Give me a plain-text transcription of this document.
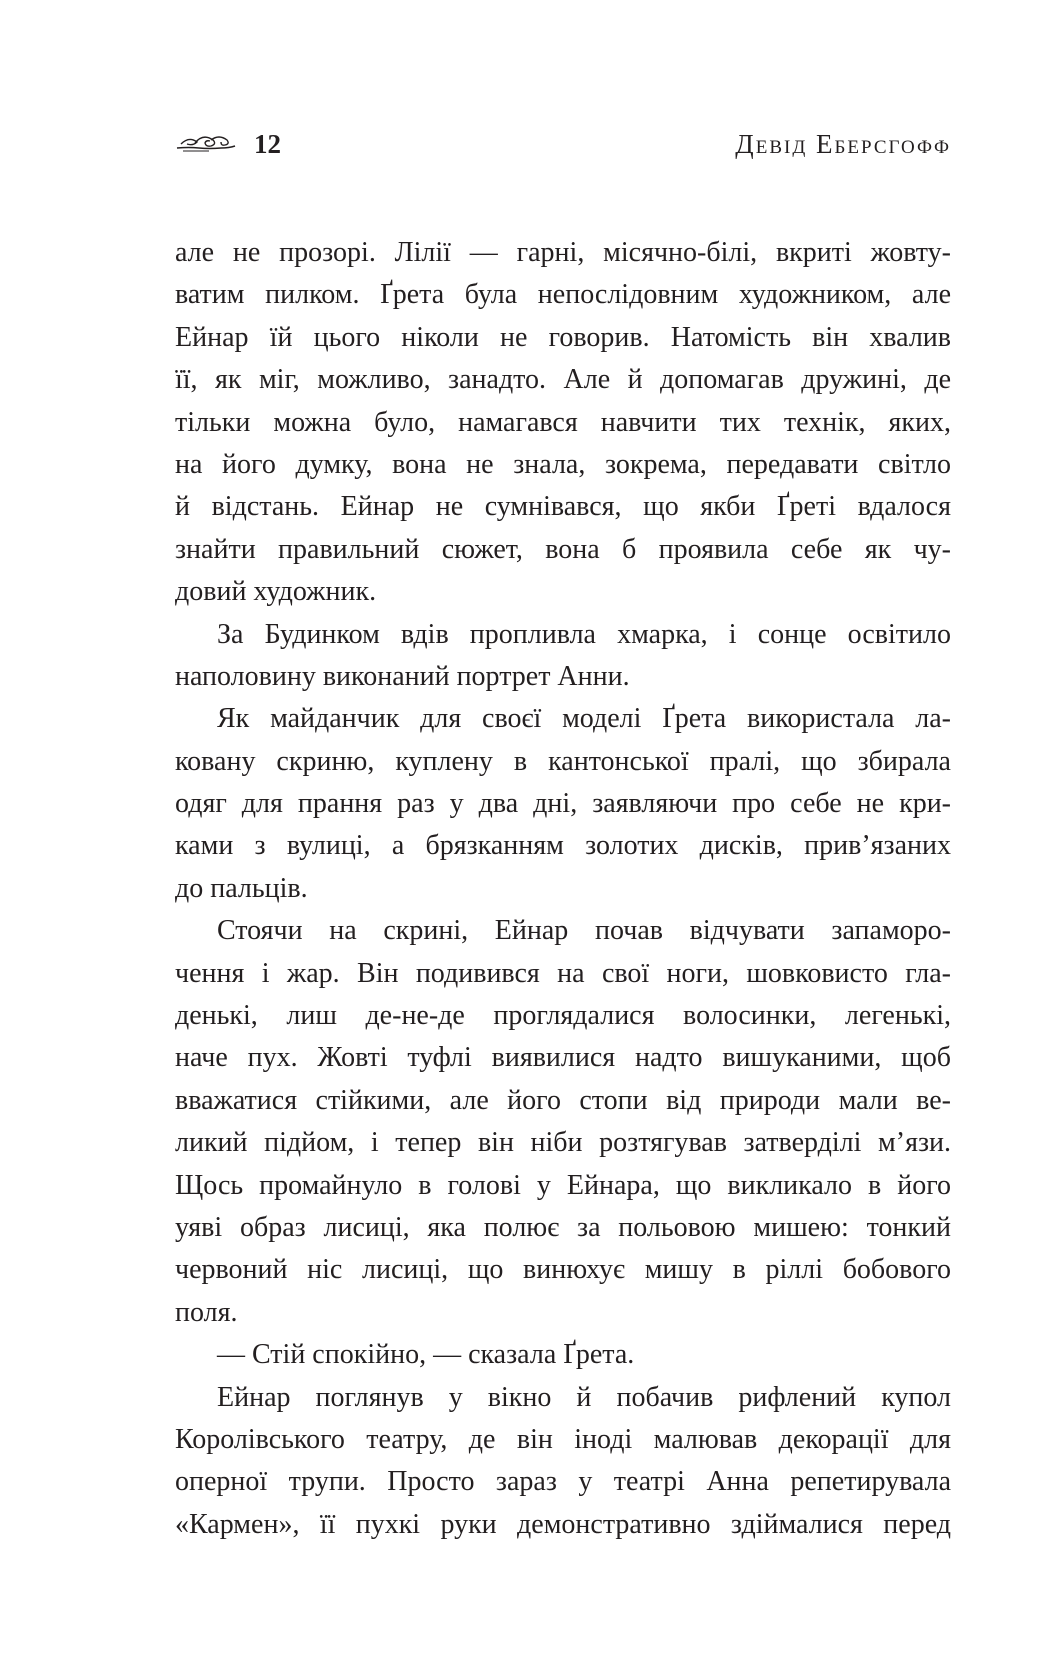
12	Девід Еберсгофф
але не прозорі. Лілії — гарні, місячно-білі, вкриті жовту-
ватим пилком. Ґрета була непослідовним художником, але
Ейнар їй цього ніколи не говорив. Натомість він хвалив
її, як міг, можливо, занадто. Але й допомагав дружині, де
тільки можна було, намагався навчити тих технік, яких,
на його думку, вона не знала, зокрема, передавати світло
й відстань. Ейнар не сумнівався, що якби Ґреті вдалося
знайти правильний сюжет, вона б проявила себе як чу-
довий художник.
За Будинком вдів пропливла хмарка, і сонце освітило
наполовину виконаний портрет Анни.
Як майданчик для своєї моделі Ґрета використала ла-
ковану скриню, куплену в кантонської пралі, що збирала
одяг для прання раз у два дні, заявляючи про себе не кри-
ками з вулиці, а брязканням золотих дисків, прив’язаних
до пальців.
Стоячи на скрині, Ейнар почав відчувати запаморо-
чення і жар. Він подивився на свої ноги, шовковисто гла-
денькі, лиш де-не-де проглядалися волосинки, легенькі,
наче пух. Жовті туфлі виявилися надто вишуканими, щоб
вважатися стійкими, але його стопи від природи мали ве-
ликий підйом, і тепер він ніби розтягував затверділі м’язи.
Щось промайнуло в голові у Ейнара, що викликало в його
уяві образ лисиці, яка полює за польовою мишею: тонкий
червоний ніс лисиці, що винюхує мишу в ріллі бобового
поля.
— Стій спокійно, — сказала Ґрета.
Ейнар поглянув у вікно й побачив рифлений купол
Королівського театру, де він іноді малював декорації для
оперної трупи. Просто зараз у театрі Анна репетирувала
«Кармен», її пухкі руки демонстративно здіймалися перед
